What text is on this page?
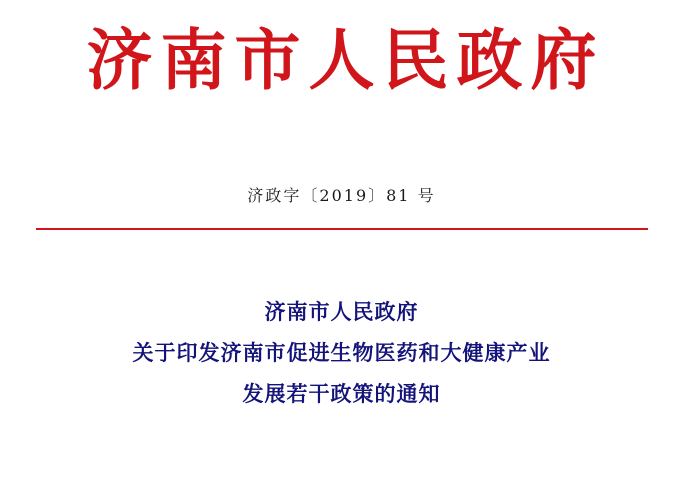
济南市人民政府
济政字〔2019〕81 号
济南市人民政府
关于印发济南市促进生物医药和大健康产业
发展若干政策的通知
